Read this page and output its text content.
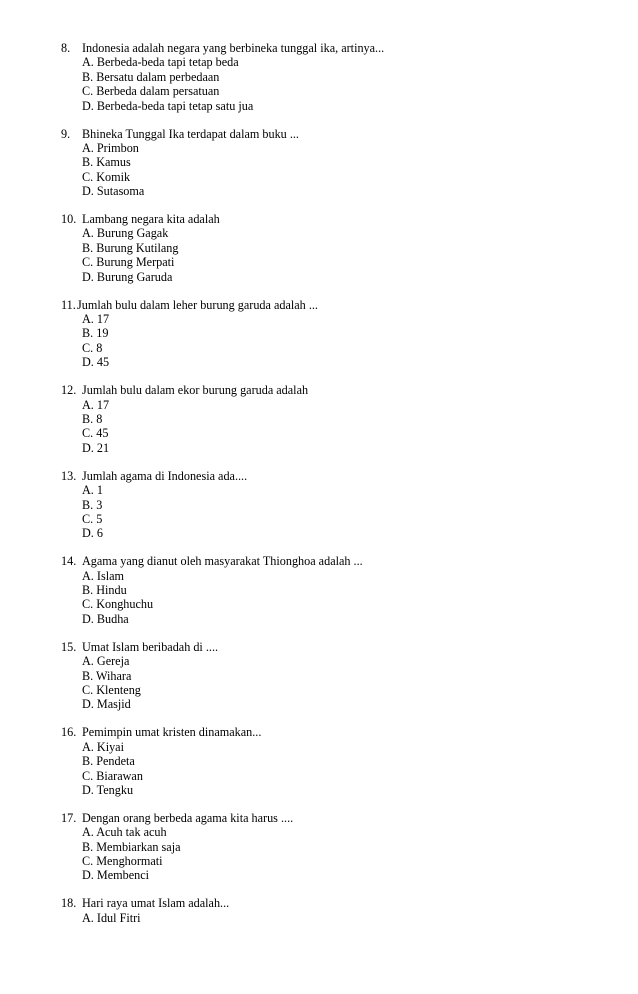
8. Indonesia adalah negara yang berbineka tunggal ika, artinya...
A. Berbeda-beda tapi tetap beda
B. Bersatu dalam perbedaan
C. Berbeda dalam persatuan
D. Berbeda-beda tapi tetap satu jua
9. Bhineka Tunggal Ika terdapat dalam buku ...
A. Primbon
B. Kamus
C. Komik
D. Sutasoma
10. Lambang negara kita adalah
A. Burung Gagak
B. Burung Kutilang
C. Burung Merpati
D. Burung Garuda
11. Jumlah bulu dalam leher burung garuda adalah ...
A. 17
B. 19
C. 8
D. 45
12. Jumlah bulu dalam ekor burung garuda adalah
A. 17
B. 8
C. 45
D. 21
13. Jumlah agama di Indonesia ada....
A. 1
B. 3
C. 5
D. 6
14. Agama yang dianut oleh masyarakat Thionghoa adalah ...
A. Islam
B. Hindu
C. Konghuchu
D. Budha
15. Umat Islam beribadah di ....
A. Gereja
B. Wihara
C. Klenteng
D. Masjid
16. Pemimpin umat kristen dinamakan...
A. Kiyai
B. Pendeta
C. Biarawan
D. Tengku
17. Dengan orang berbeda agama kita harus ....
A. Acuh tak acuh
B. Membiarkan saja
C. Menghormati
D. Membenci
18. Hari raya umat Islam adalah...
A. Idul Fitri
